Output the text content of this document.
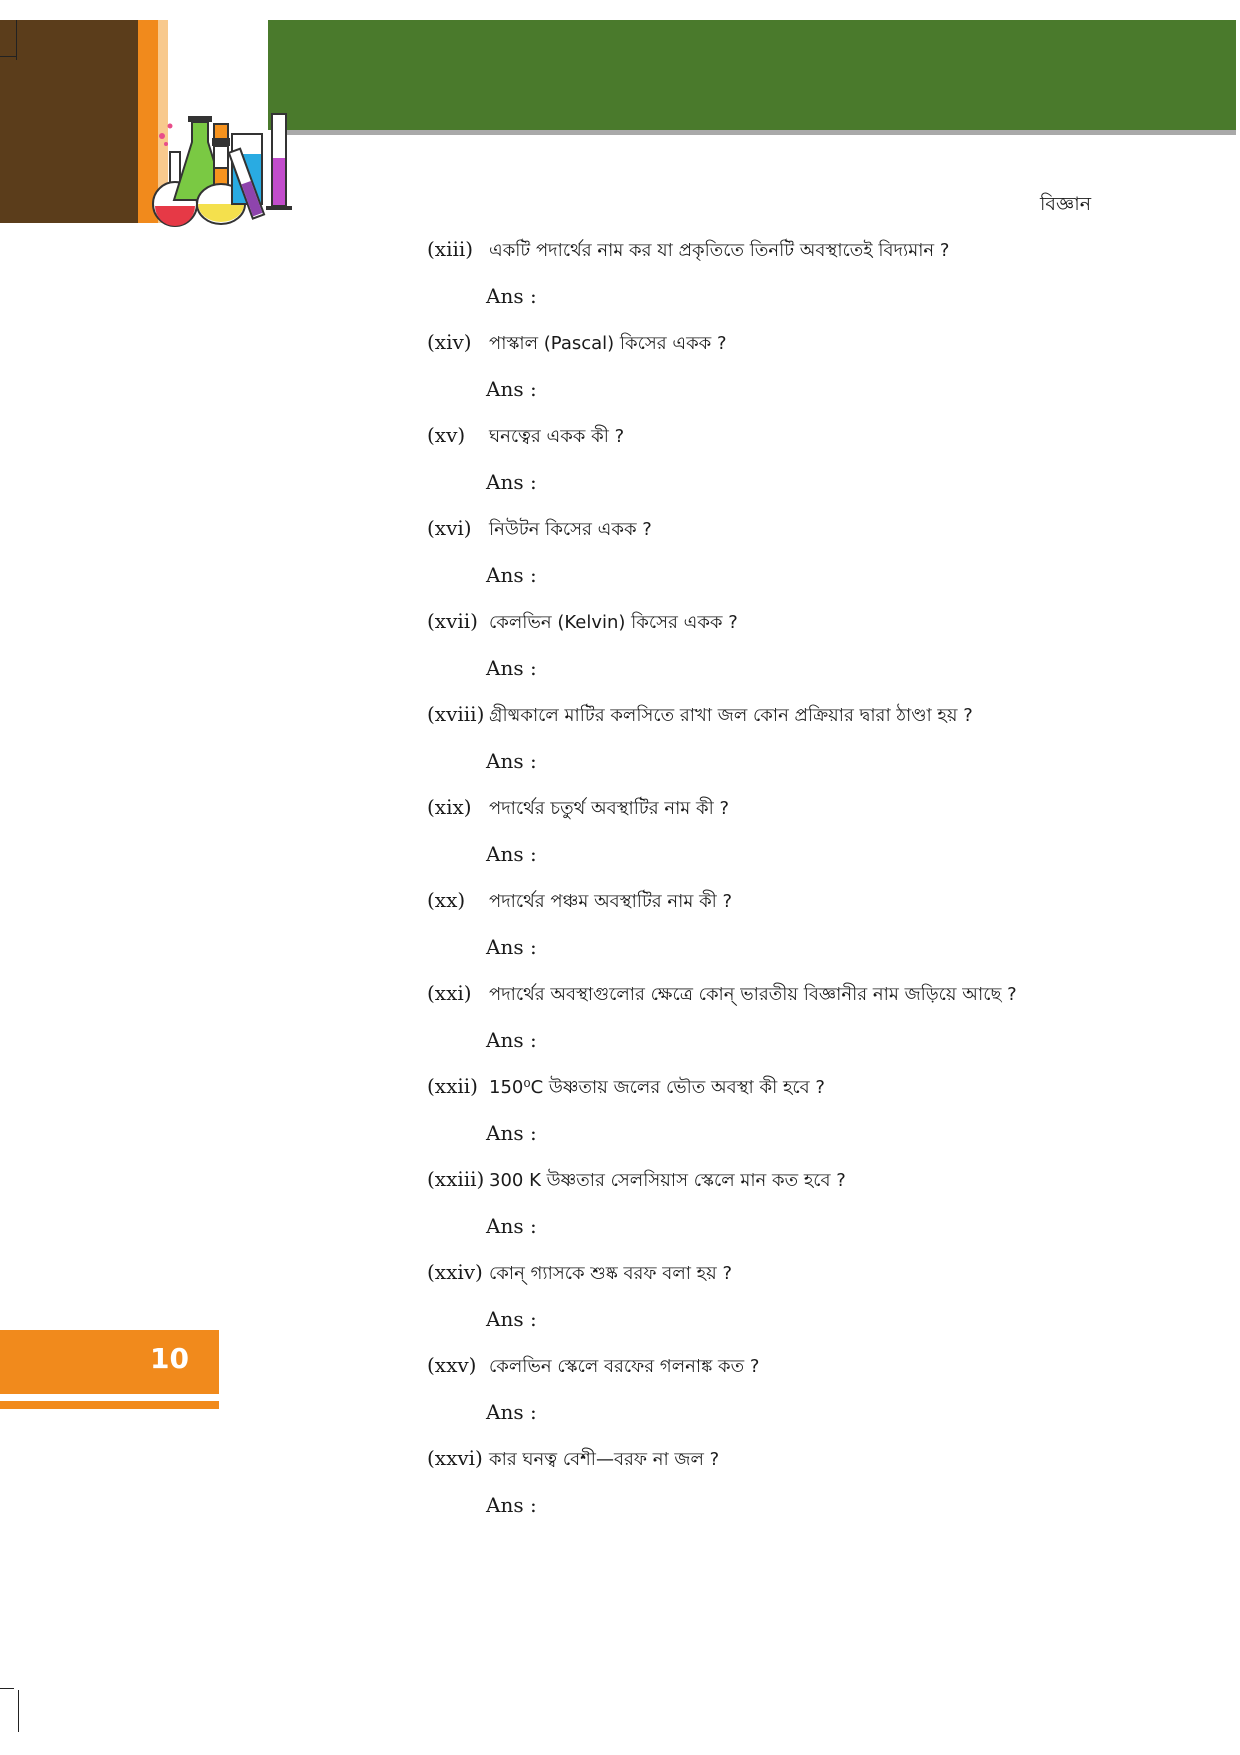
বিজ্ঞান
(xiii) একটি পদার্থের নাম কর যা প্রকৃতিতে তিনটি অবস্থাতেই বিদ্যমান ?
Ans :
(xiv) পাস্কাল (Pascal) কিসের একক ?
Ans :
(xv)	ঘনত্বের একক কী ?
Ans :
(xvi) নিউটন কিসের একক ?
Ans :
(xvii) কেলভিন (Kelvin) কিসের একক ?
Ans :
(xviii) গ্রীষ্মকালে মাটির কলসিতে রাখা জল কোন প্রক্রিয়ার দ্বারা ঠাণ্ডা হয় ?
Ans :
(xix) পদার্থের চতুর্থ অবস্থাটির নাম কী ?
Ans :
(xx)	পদার্থের পঞ্চম অবস্থাটির নাম কী ?
Ans :
(xxi) পদার্থের অবস্থাগুলোর ক্ষেত্রে কোন্‌ ভারতীয় বিজ্ঞানীর নাম জড়িয়ে আছে ?
Ans :
(xxii) 150⁰C উষ্ণতায় জলের ভৌত অবস্থা কী হবে ?
Ans :
(xxiii) 300 K উষ্ণতার সেলসিয়াস স্কেলে মান কত হবে ?
Ans :
(xxiv) কোন্‌ গ্যাসকে শুষ্ক বরফ বলা হয় ?
Ans :
(xxv) কেলভিন স্কেলে বরফের গলনাঙ্ক কত ?
Ans :
(xxvi) কার ঘনত্ব বেশী—বরফ না জল ?
Ans :
10
